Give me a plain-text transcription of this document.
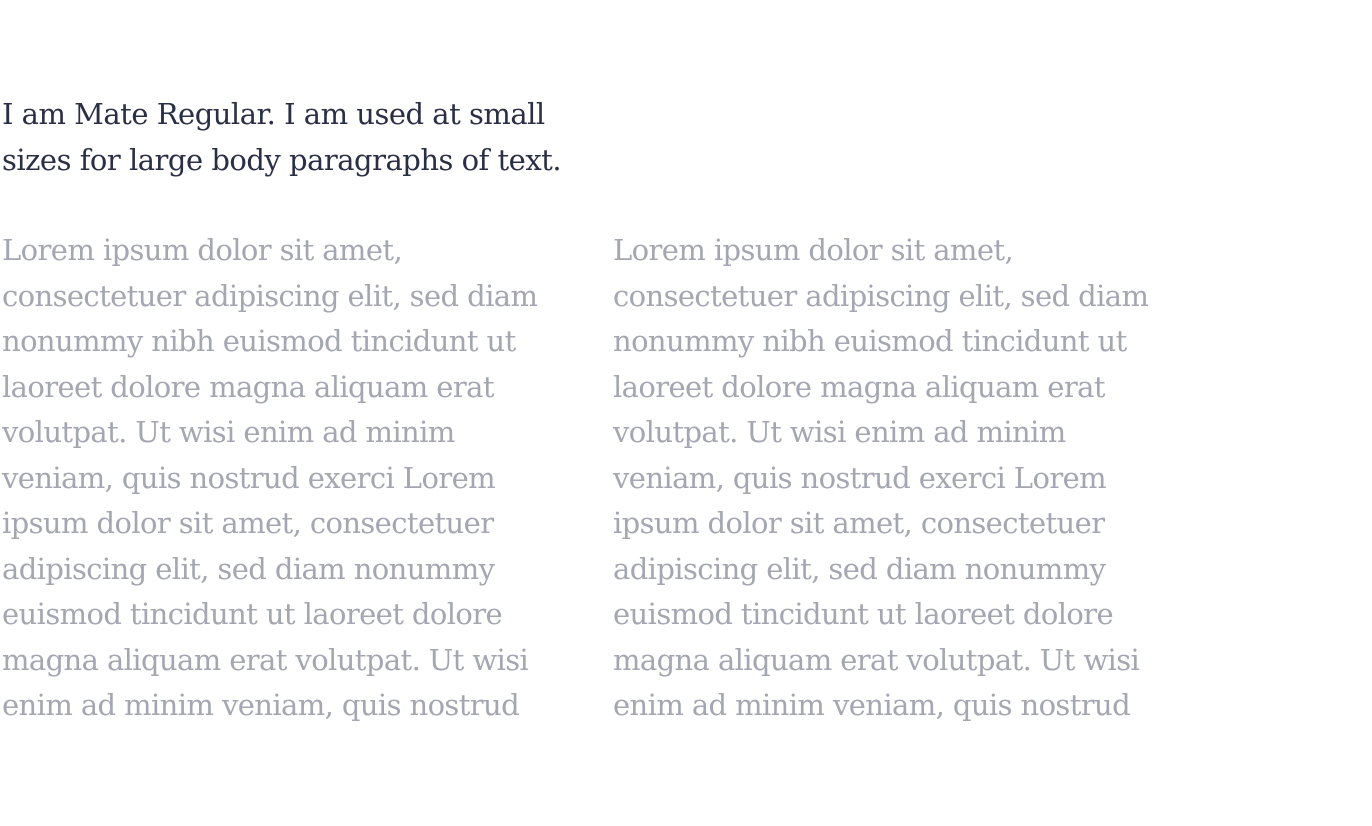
I am Mate Regular. I am used at small
sizes for large body paragraphs of text.

Lorem ipsum dolor sit amet,
consectetuer adipiscing elit, sed diam
nonummy nibh euismod tincidunt ut
laoreet dolore magna aliquam erat
volutpat. Ut wisi enim ad minim
veniam, quis nostrud exerci Lorem
ipsum dolor sit amet, consectetuer
adipiscing elit, sed diam nonummy
euismod tincidunt ut laoreet dolore
magna aliquam erat volutpat. Ut wisi
enim ad minim veniam, quis nostrud

Lorem ipsum dolor sit amet,
consectetuer adipiscing elit, sed diam
nonummy nibh euismod tincidunt ut
laoreet dolore magna aliquam erat
volutpat. Ut wisi enim ad minim
veniam, quis nostrud exerci Lorem
ipsum dolor sit amet, consectetuer
adipiscing elit, sed diam nonummy
euismod tincidunt ut laoreet dolore
magna aliquam erat volutpat. Ut wisi
enim ad minim veniam, quis nostrud
